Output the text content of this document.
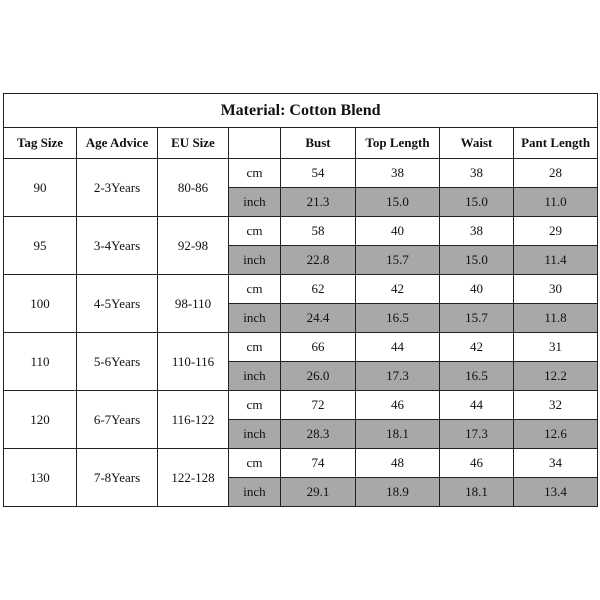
Material: Cotton Blend							
Tag Size	Age Advice	EU Size		Bust	Top Length	Waist	Pant Length
90	2-3Years	80-86	cm	54	38	38	28
			inch	21.3	15.0	15.0	11.0
95	3-4Years	92-98	cm	58	40	38	29
			inch	22.8	15.7	15.0	11.4
100	4-5Years	98-110	cm	62	42	40	30
			inch	24.4	16.5	15.7	11.8
110	5-6Years	110-116	cm	66	44	42	31
			inch	26.0	17.3	16.5	12.2
120	6-7Years	116-122	cm	72	46	44	32
			inch	28.3	18.1	17.3	12.6
130	7-8Years	122-128	cm	74	48	46	34
			inch	29.1	18.9	18.1	13.4
